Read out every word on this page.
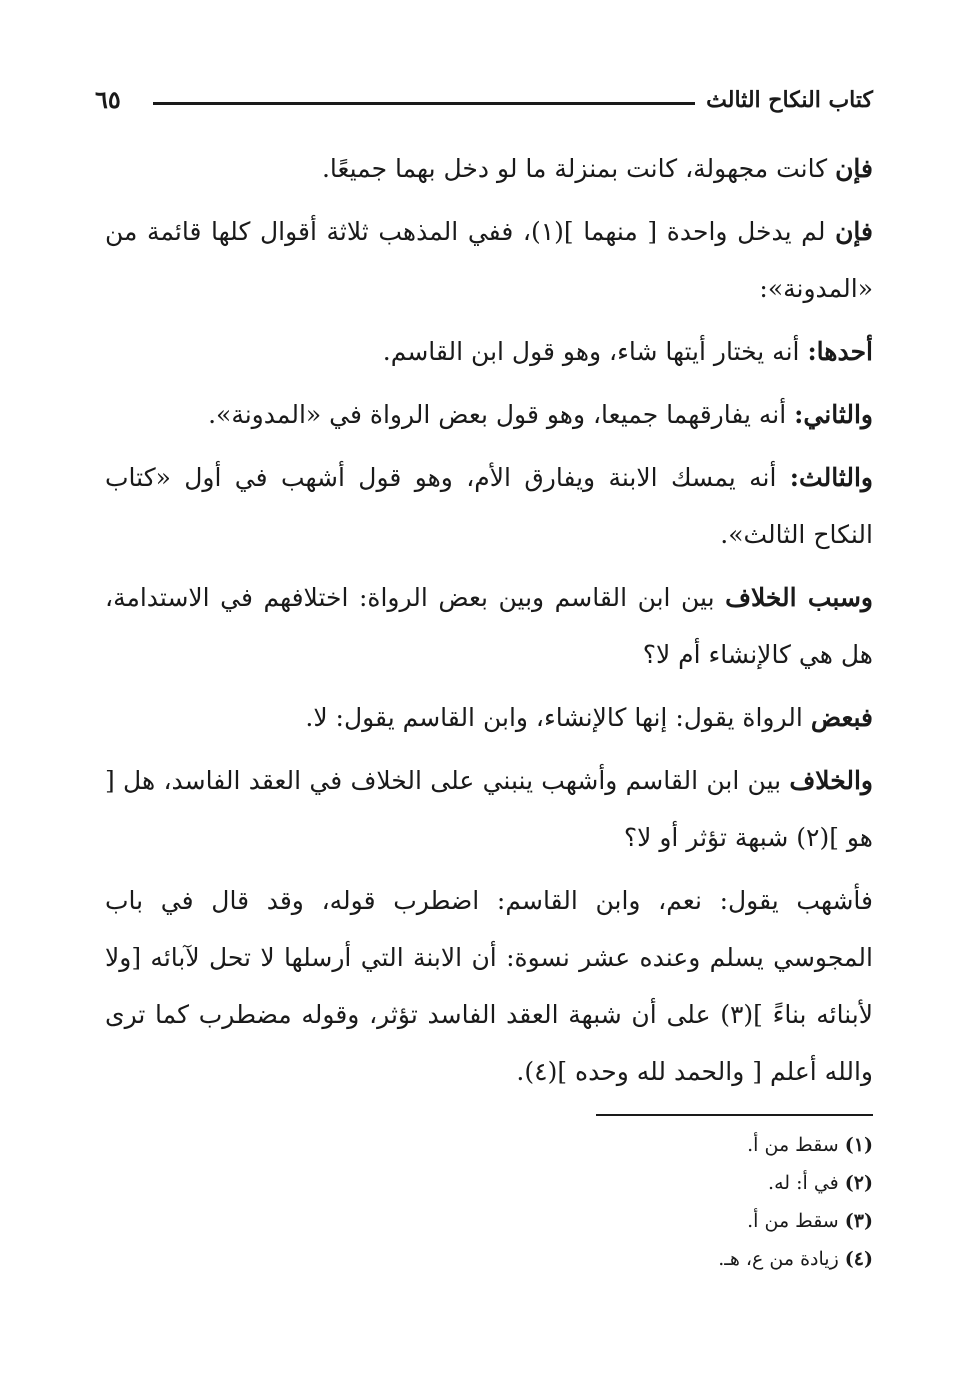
كتاب النكاح الثالث
٦٥

فإن كانت مجهولة، كانت بمنزلة ما لو دخل بهما جميعًا.

فإن لم يدخل واحدة [ منهما ](١)، ففي المذهب ثلاثة أقوال كلها قائمة من «المدونة»:

أحدها: أنه يختار أيتها شاء، وهو قول ابن القاسم.

والثاني: أنه يفارقهما جميعا، وهو قول بعض الرواة في «المدونة».

والثالث: أنه يمسك الابنة ويفارق الأم، وهو قول أشهب في أول «كتاب النكاح الثالث».

وسبب الخلاف بين ابن القاسم وبين بعض الرواة: اختلافهم في الاستدامة، هل هي كالإنشاء أم لا؟

فبعض الرواة يقول: إنها كالإنشاء، وابن القاسم يقول: لا.

والخلاف بين ابن القاسم وأشهب ينبني على الخلاف في العقد الفاسد، هل [ هو ](٢) شبهة تؤثر أو لا؟

فأشهب يقول: نعم، وابن القاسم: اضطرب قوله، وقد قال في باب المجوسي يسلم وعنده عشر نسوة: أن الابنة التي أرسلها لا تحل لآبائه [ولا لأبنائه بناءً ](٣) على أن شبهة العقد الفاسد تؤثر، وقوله مضطرب كما ترى والله أعلم [ والحمد لله وحده ](٤).

(١) سقط من أ.

(٢) في أ: له.

(٣) سقط من أ.

(٤) زيادة من ع، هـ.
